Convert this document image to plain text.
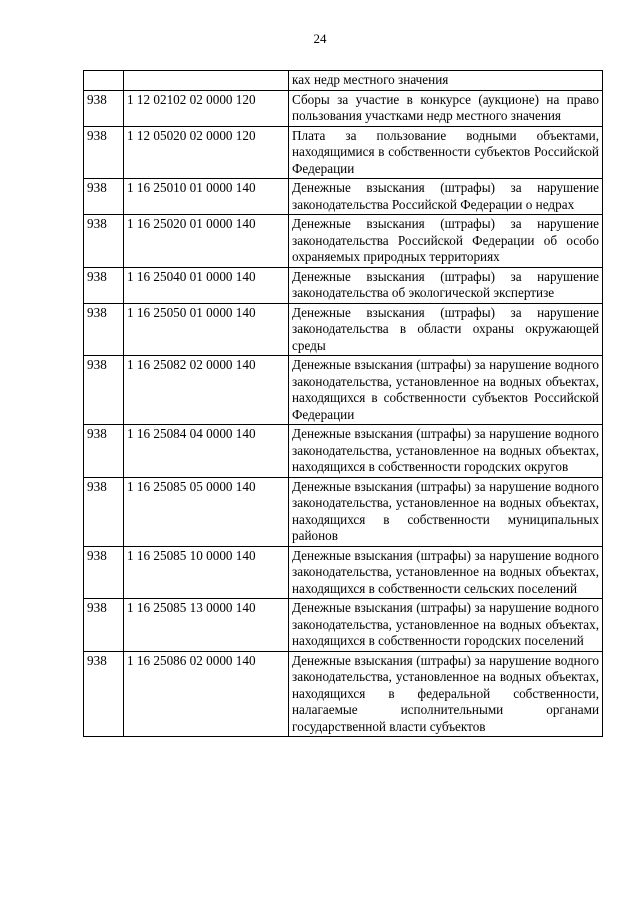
24
		ках недр местного значения
938	1 12 02102 02 0000 120	Сборы за участие в конкурсе (аукционе) на право пользования участками недр местного значения
938	1 12 05020 02 0000 120	Плата за пользование водными объектами, находящимися в собственности субъектов Российской Федерации
938	1 16 25010 01 0000 140	Денежные взыскания (штрафы) за нарушение законодательства Российской Федерации о недрах
938	1 16 25020 01 0000 140	Денежные взыскания (штрафы) за нарушение законодательства Российской Федерации об особо охраняемых природных территориях
938	1 16 25040 01 0000 140	Денежные взыскания (штрафы) за нарушение законодательства об экологической экспертизе
938	1 16 25050 01 0000 140	Денежные взыскания (штрафы) за нарушение законодательства в области охраны окружающей среды
938	1 16 25082 02 0000 140	Денежные взыскания (штрафы) за нарушение водного законодательства, установленное на водных объектах, находящихся в собственности субъектов Российской Федерации
938	1 16 25084 04 0000 140	Денежные взыскания (штрафы) за нарушение водного законодательства, установленное на водных объектах, находящихся в собственности городских округов
938	1 16 25085 05 0000 140	Денежные взыскания (штрафы) за нарушение водного законодательства, установленное на водных объектах, находящихся в собственности муниципальных районов
938	1 16 25085 10 0000 140	Денежные взыскания (штрафы) за нарушение водного законодательства, установленное на водных объектах, находящихся в собственности сельских поселений
938	1 16 25085 13 0000 140	Денежные взыскания (штрафы) за нарушение водного законодательства, установленное на водных объектах, находящихся в собственности городских поселений
938	1 16 25086 02 0000 140	Денежные взыскания (штрафы) за нарушение водного законодательства, установленное на водных объектах, находящихся в федеральной собственности, налагаемые исполнительными органами государственной власти субъектов
